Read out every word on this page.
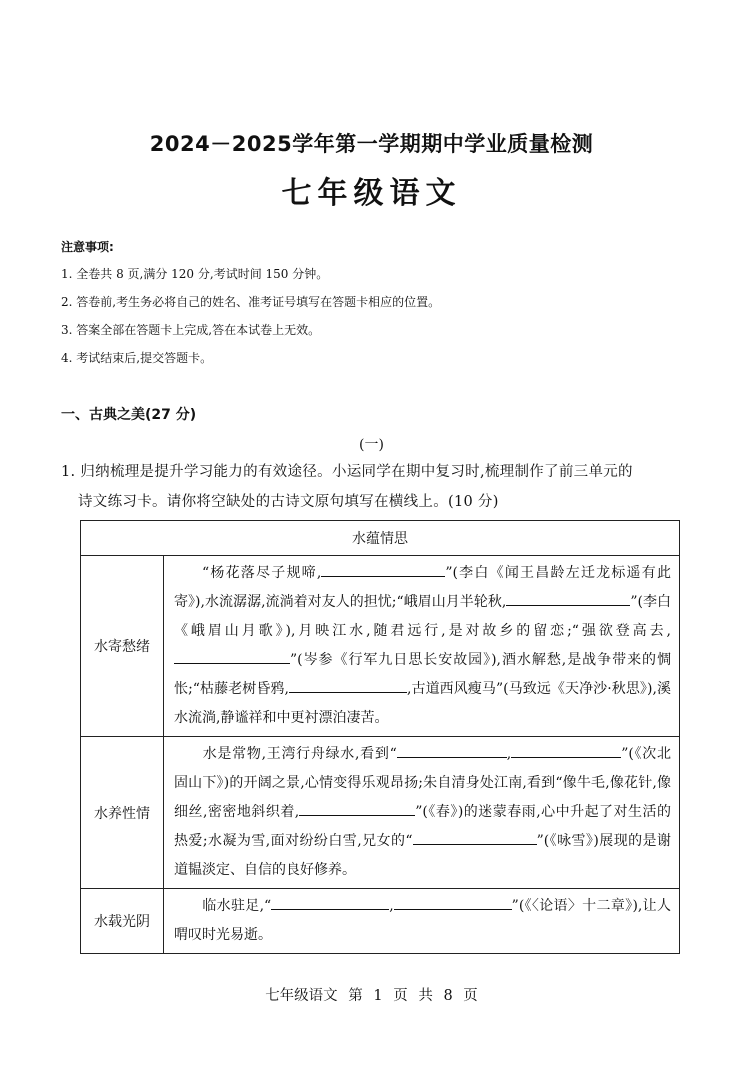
2024－2025学年第一学期期中学业质量检测
七年级语文
注意事项:
1. 全卷共 8 页,满分 120 分,考试时间 150 分钟。
2. 答卷前,考生务必将自己的姓名、准考证号填写在答题卡相应的位置。
3. 答案全部在答题卡上完成,答在本试卷上无效。
4. 考试结束后,提交答题卡。
一、古典之美(27 分)
(一)
1. 归纳梳理是提升学习能力的有效途径。小运同学在期中复习时,梳理制作了前三单元的
诗文练习卡。请你将空缺处的古诗文原句填写在横线上。(10 分)
水蕴情思	
水寄愁绪	“杨花落尽子规啼, ”(李白《闻王昌龄左迁龙标遥有此寄》),水流潺潺,流淌着对友人的担忧;“峨眉山月半轮秋, ”(李白《峨眉山月歌》),月映江水,随君远行,是对故乡的留恋;“强欲登高去,”(岑参《行军九日思长安故园》),酒水解愁,是战争带来的惆怅;“枯藤老树昏鸦, ,古道西风瘦马”(马致远《天净沙·秋思》),溪水流淌,静谧祥和中更衬漂泊凄苦。
水养性情	水是常物,王湾行舟绿水,看到“ , ”(《次北固山下》)的开阔之景,心情变得乐观昂扬;朱自清身处江南,看到“像牛毛,像花针,像细丝,密密地斜织着, ”(《春》)的迷蒙春雨,心中升起了对生活的热爱;水凝为雪,面对纷纷白雪,兄女的“ ”(《咏雪》)展现的是谢道韫淡定、自信的良好修养。
水载光阴	临水驻足,“ , ”(《〈论语〉十二章》),让人喟叹时光易逝。
七年级语文 第 1 页 共 8 页
